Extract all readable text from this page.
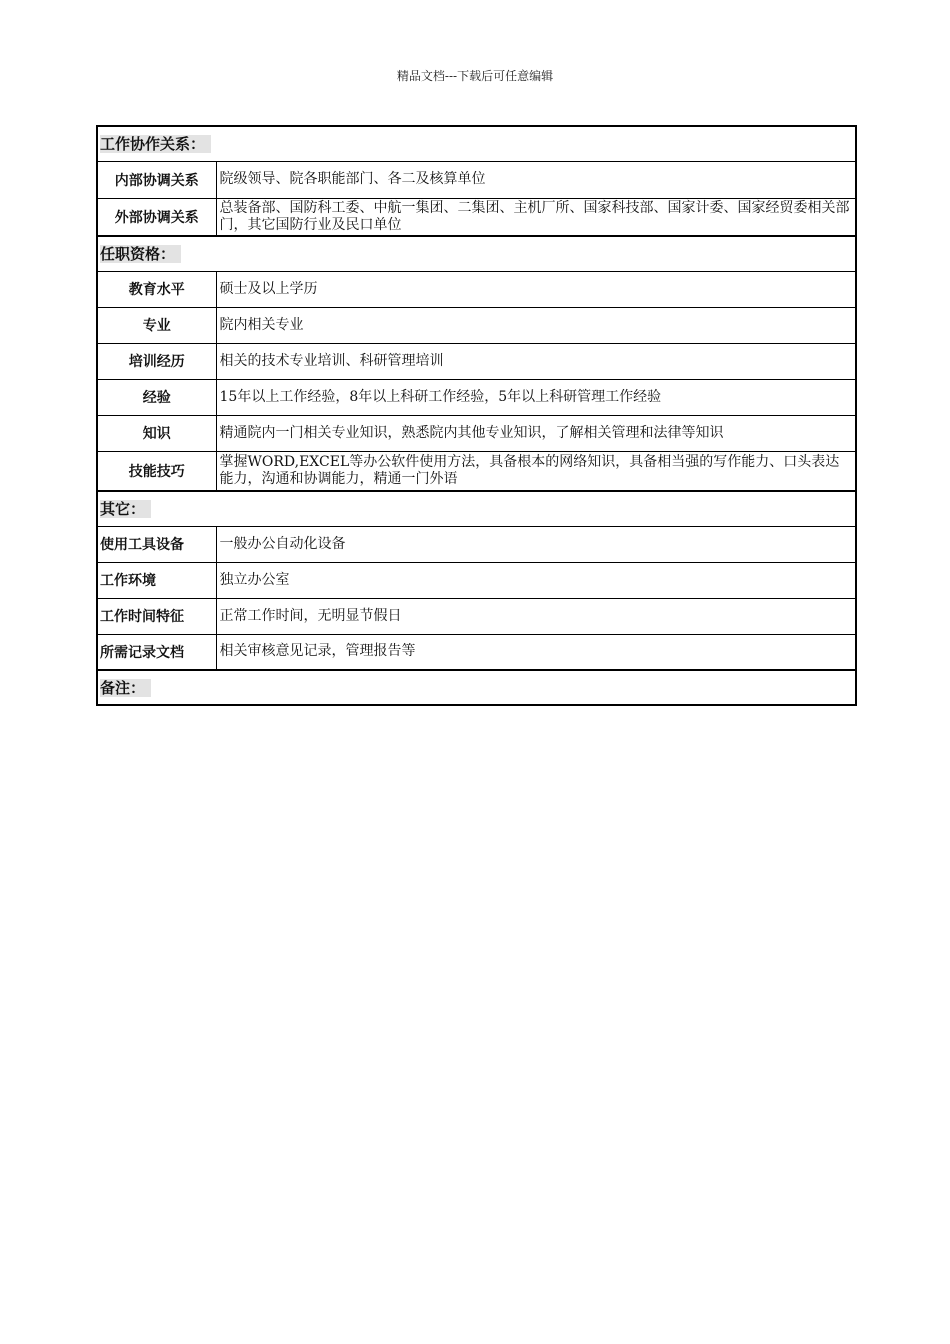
精品文档---下载后可任意编辑
工作协作关系：	
内部协调关系	院级领导、院各职能部门、各二及核算单位
外部协调关系	总装备部、国防科工委、中航一集团、二集团、主机厂所、国家科技部、国家计委、国家经贸委相关部门，其它国防行业及民口单位
任职资格：	
教育水平	硕士及以上学历
专业	院内相关专业
培训经历	相关的技术专业培训、科研管理培训
经验	15年以上工作经验，8年以上科研工作经验，5年以上科研管理工作经验
知识	精通院内一门相关专业知识，熟悉院内其他专业知识，了解相关管理和法律等知识
技能技巧	掌握WORD,EXCEL等办公软件使用方法，具备根本的网络知识，具备相当强的写作能力、口头表达能力，沟通和协调能力，精通一门外语
其它：	
使用工具设备	一般办公自动化设备
工作环境	独立办公室
工作时间特征	正常工作时间，无明显节假日
所需记录文档	相关审核意见记录，管理报告等
备注：	
